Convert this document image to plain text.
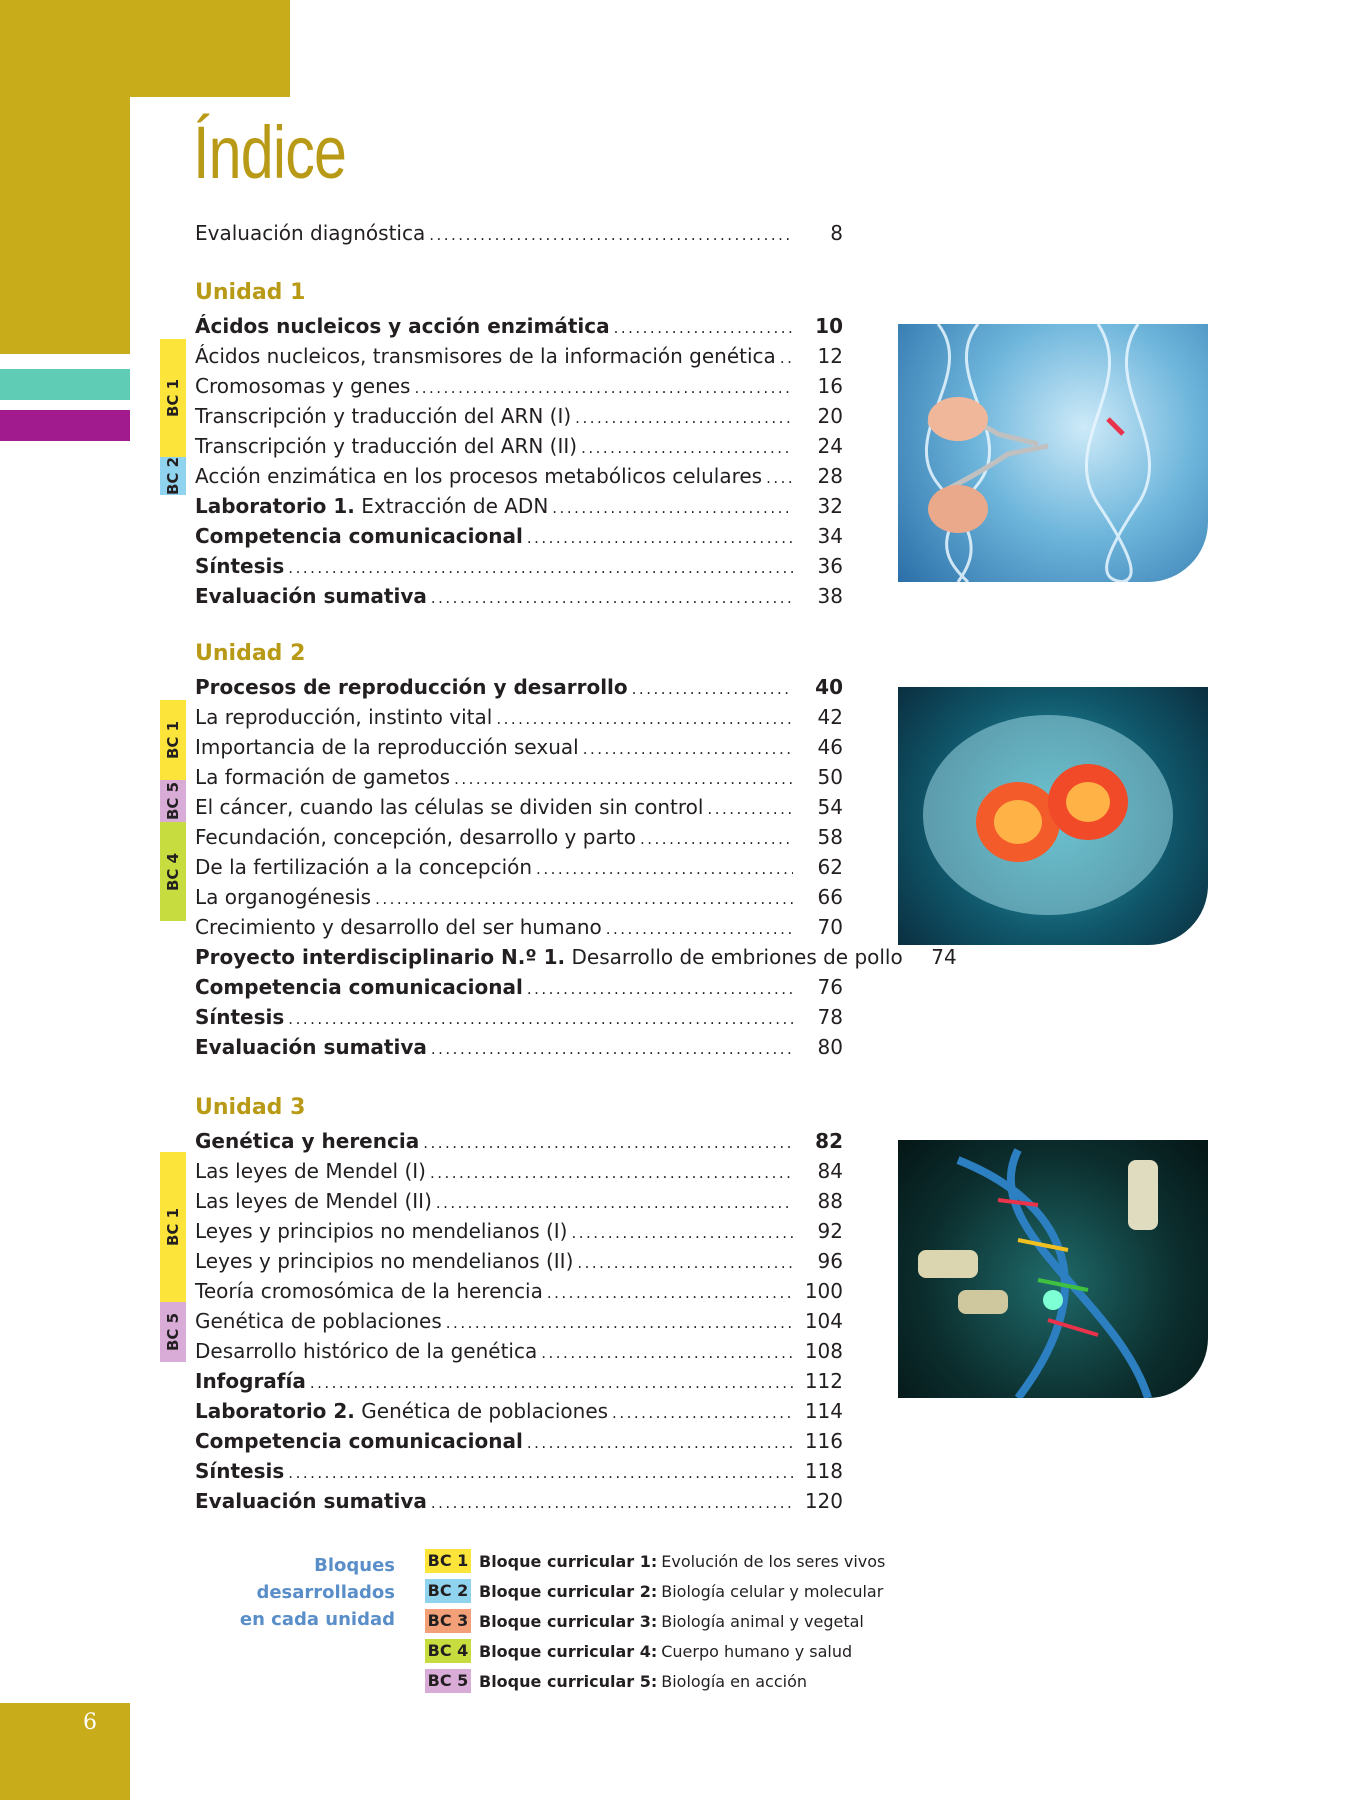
6
Índice
Evaluación diagnóstica .....	8
Unidad 1
Ácidos nucleicos y acción enzimática .....	10
Ácidos nucleicos, transmisores de la información genética .....	12
Cromosomas y genes .....	16
Transcripción y traducción del ARN (I) .....	20
Transcripción y traducción del ARN (II) .....	24
Acción enzimática en los procesos metabólicos celulares .....	28
Laboratorio 1. Extracción de ADN .....	32
Competencia comunicacional .....	34
Síntesis .....	36
Evaluación sumativa .....	38
BC 1
BC 2
Unidad 2
Procesos de reproducción y desarrollo .....	40
La reproducción, instinto vital .....	42
Importancia de la reproducción sexual .....	46
La formación de gametos .....	50
El cáncer, cuando las células se dividen sin control .....	54
Fecundación, concepción, desarrollo y parto .....	58
De la fertilización a la concepción .....	62
La organogénesis .....	66
Crecimiento y desarrollo del ser humano .....	70
Proyecto interdisciplinario N.º 1. Desarrollo de embriones de pollo	74
Competencia comunicacional .....	76
Síntesis .....	78
Evaluación sumativa .....	80
BC 1
BC 5
BC 4
Unidad 3
Genética y herencia .....	82
Las leyes de Mendel (I) .....	84
Las leyes de Mendel (II) .....	88
Leyes y principios no mendelianos (I) .....	92
Leyes y principios no mendelianos (II) .....	96
Teoría cromosómica de la herencia .....	100
Genética de poblaciones .....	104
Desarrollo histórico de la genética .....	108
Infografía .....	112
Laboratorio 2. Genética de poblaciones .....	114
Competencia comunicacional .....	116
Síntesis .....	118
Evaluación sumativa .....	120
BC 1
BC 5
Bloques desarrollados
en cada unidad
BC 1 Bloque curricular 1: Evolución de los seres vivos
BC 2 Bloque curricular 2: Biología celular y molecular
BC 3 Bloque curricular 3: Biología animal y vegetal
BC 4 Bloque curricular 4: Cuerpo humano y salud
BC 5 Bloque curricular 5: Biología en acción
